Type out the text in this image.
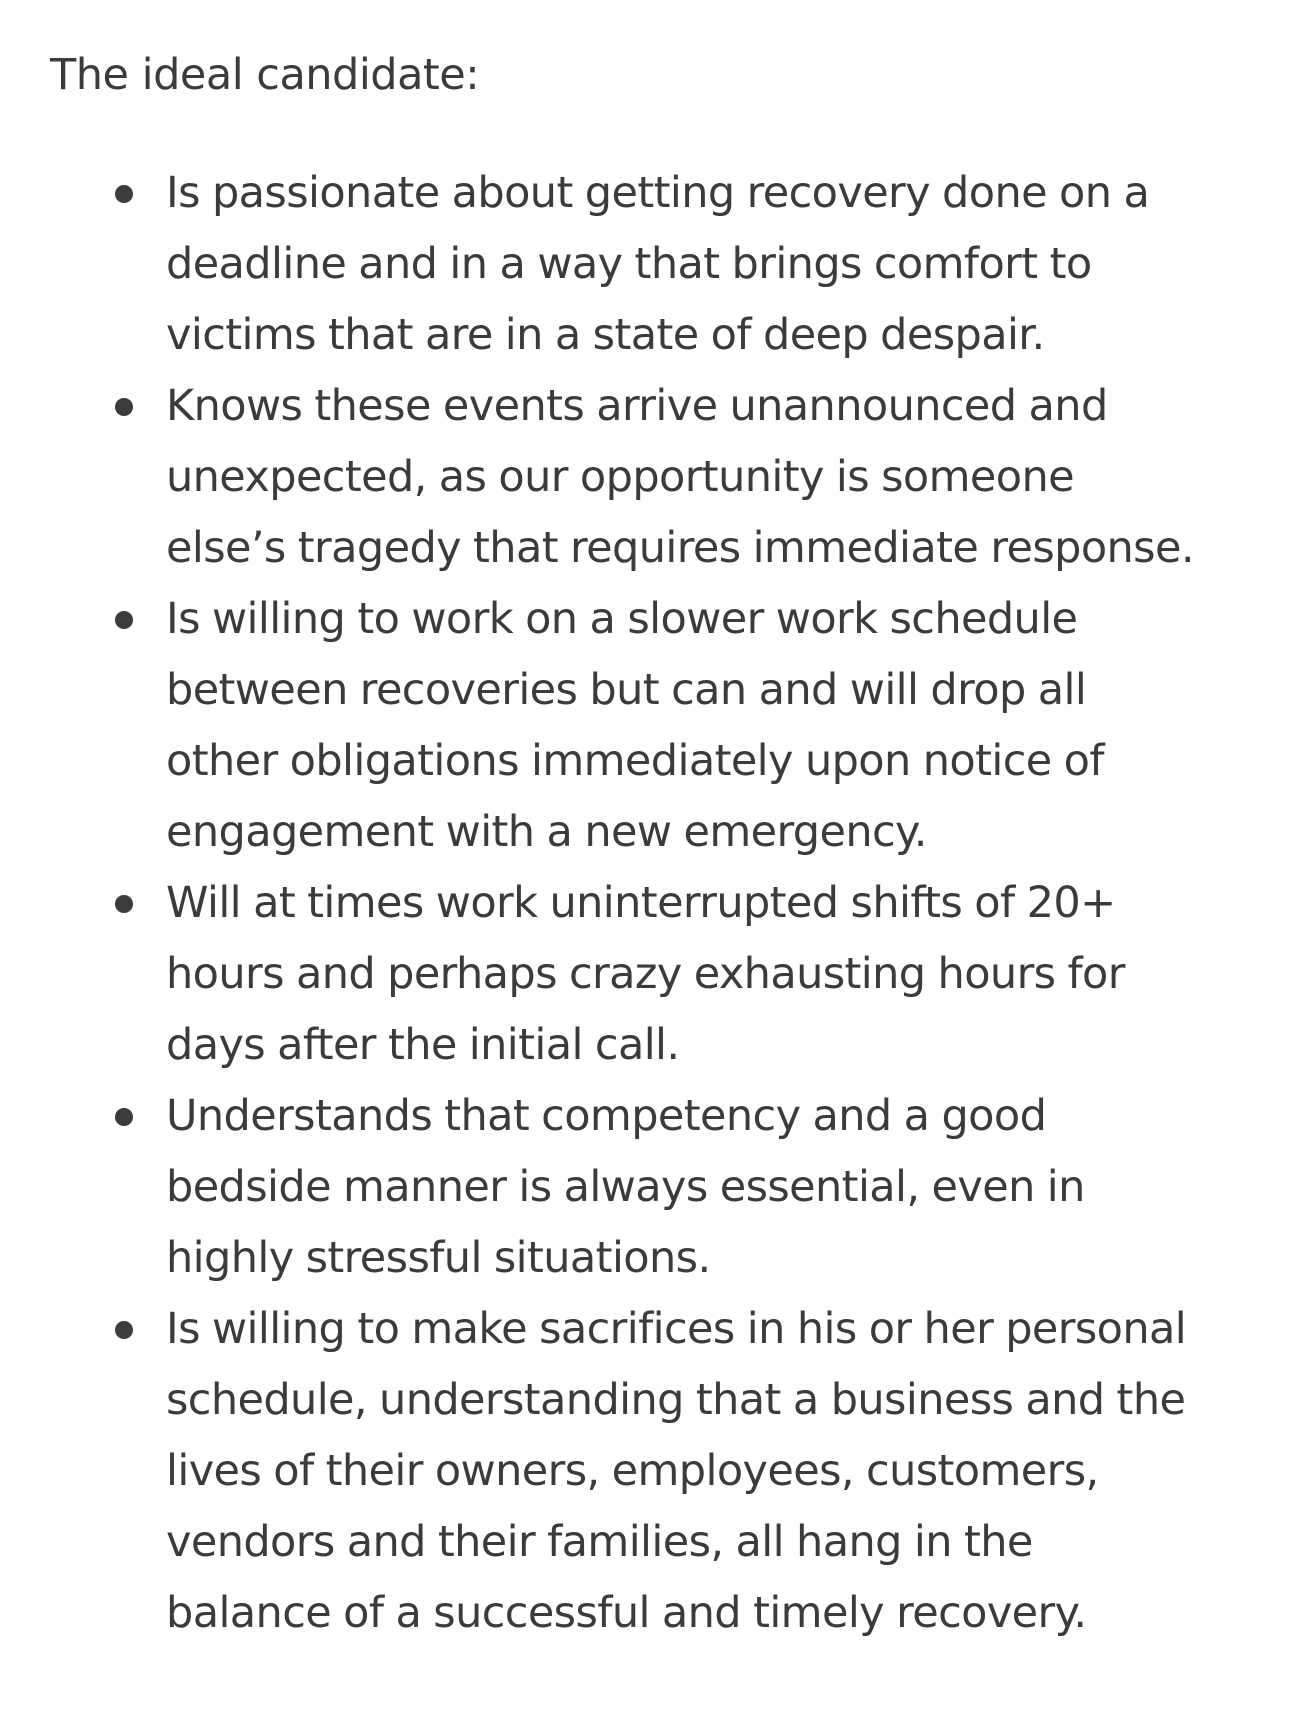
The ideal candidate:
Is passionate about getting recovery done on a
deadline and in a way that brings comfort to
victims that are in a state of deep despair.
Knows these events arrive unannounced and
unexpected, as our opportunity is someone
else’s tragedy that requires immediate response.
Is willing to work on a slower work schedule
between recoveries but can and will drop all
other obligations immediately upon notice of
engagement with a new emergency.
Will at times work uninterrupted shifts of 20+
hours and perhaps crazy exhausting hours for
days after the initial call.
Understands that competency and a good
bedside manner is always essential, even in
highly stressful situations.
Is willing to make sacrifices in his or her personal
schedule, understanding that a business and the
lives of their owners, employees, customers,
vendors and their families, all hang in the
balance of a successful and timely recovery.
